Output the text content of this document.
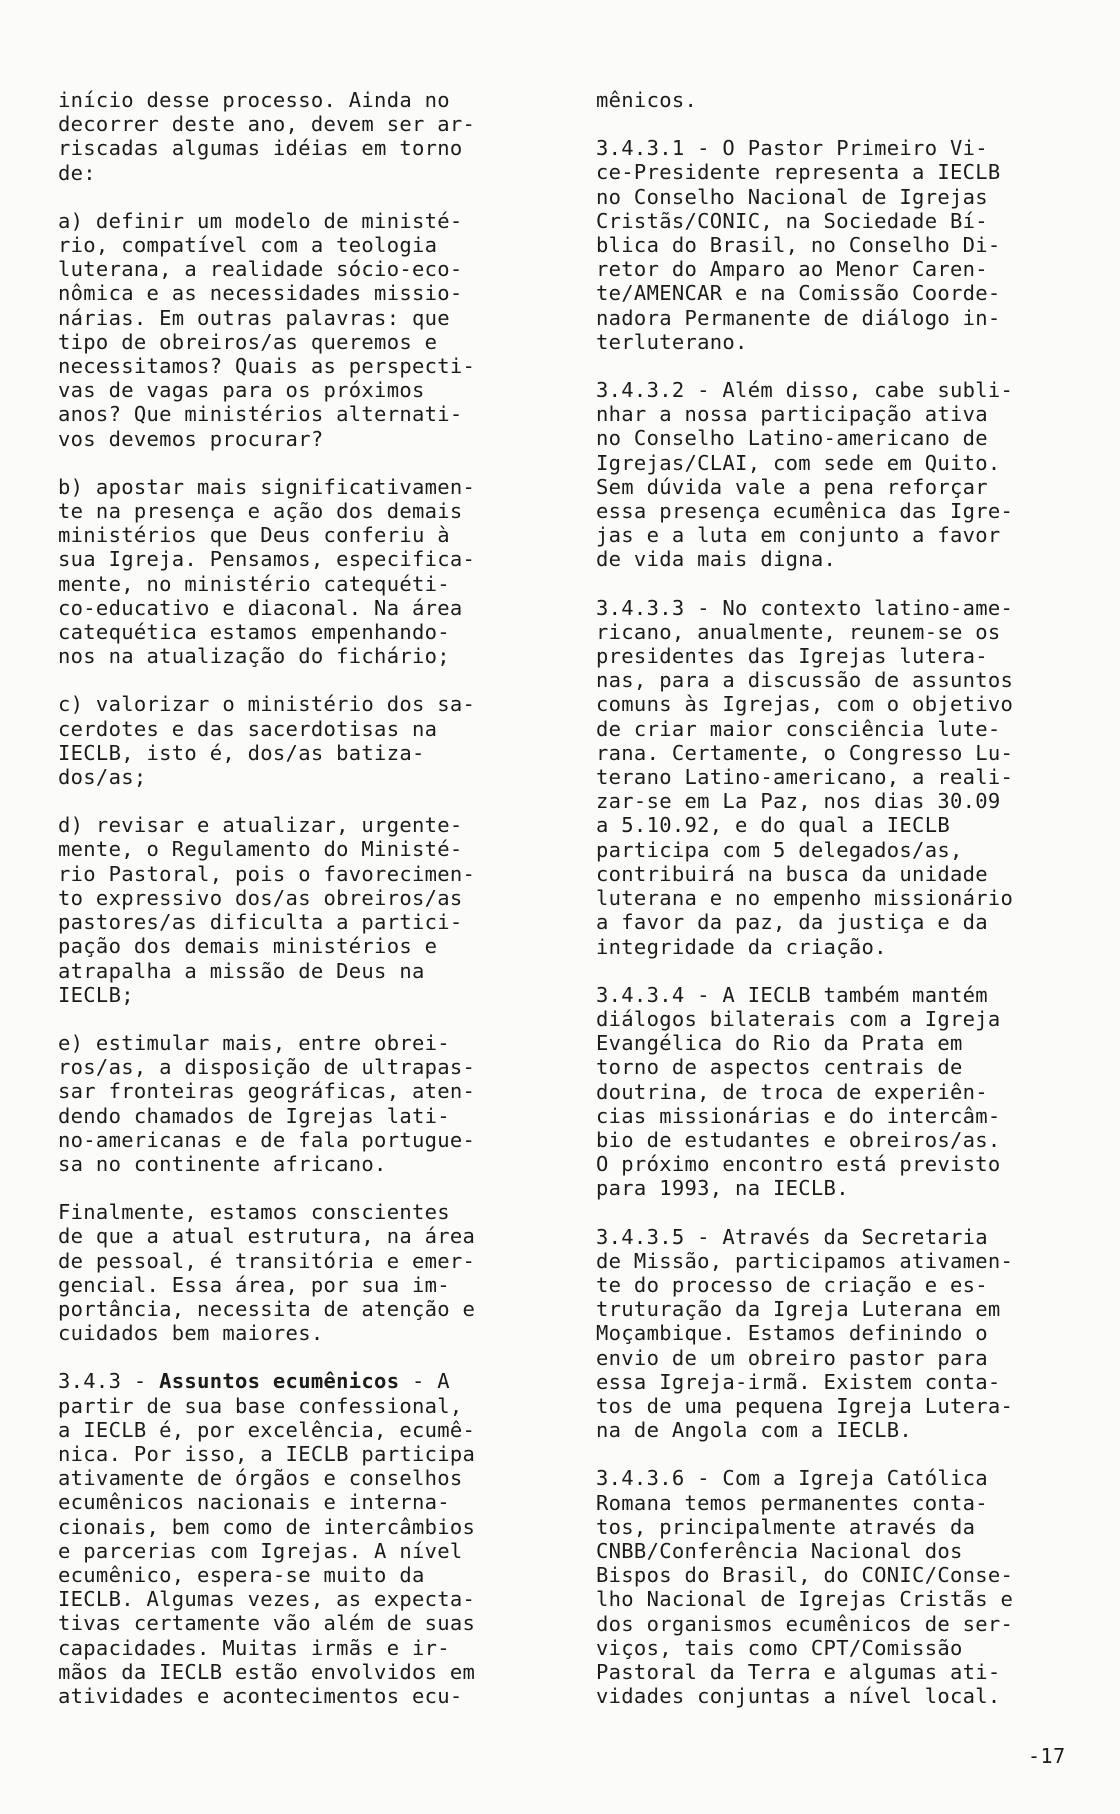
início desse processo. Ainda no
decorrer deste ano, devem ser ar-
riscadas algumas idéias em torno
de:

a) definir um modelo de ministé-
rio, compatível com a teologia
luterana, a realidade sócio-eco-
nômica e as necessidades missio-
nárias. Em outras palavras: que
tipo de obreiros/as queremos e
necessitamos? Quais as perspecti-
vas de vagas para os próximos
anos? Que ministérios alternati-
vos devemos procurar?

b) apostar mais significativamen-
te na presença e ação dos demais
ministérios que Deus conferiu à
sua Igreja. Pensamos, especifica-
mente, no ministério catequéti-
co-educativo e diaconal. Na área
catequética estamos empenhando-
nos na atualização do fichário;

c) valorizar o ministério dos sa-
cerdotes e das sacerdotisas na
IECLB, isto é, dos/as batiza-
dos/as;

d) revisar e atualizar, urgente-
mente, o Regulamento do Ministé-
rio Pastoral, pois o favorecimen-
to expressivo dos/as obreiros/as
pastores/as dificulta a partici-
pação dos demais ministérios e
atrapalha a missão de Deus na
IECLB;

e) estimular mais, entre obrei-
ros/as, a disposição de ultrapas-
sar fronteiras geográficas, aten-
dendo chamados de Igrejas lati-
no-americanas e de fala portugue-
sa no continente africano.

Finalmente, estamos conscientes
de que a atual estrutura, na área
de pessoal, é transitória e emer-
gencial. Essa área, por sua im-
portância, necessita de atenção e
cuidados bem maiores.

3.4.3 - Assuntos ecumênicos - A
partir de sua base confessional,
a IECLB é, por excelência, ecumê-
nica. Por isso, a IECLB participa
ativamente de órgãos e conselhos
ecumênicos nacionais e interna-
cionais, bem como de intercâmbios
e parcerias com Igrejas. A nível
ecumênico, espera-se muito da
IECLB. Algumas vezes, as expecta-
tivas certamente vão além de suas
capacidades. Muitas irmãs e ir-
mãos da IECLB estão envolvidos em
atividades e acontecimentos ecu-

mênicos.

3.4.3.1 - O Pastor Primeiro Vi-
ce-Presidente representa a IECLB
no Conselho Nacional de Igrejas
Cristãs/CONIC, na Sociedade Bí-
blica do Brasil, no Conselho Di-
retor do Amparo ao Menor Caren-
te/AMENCAR e na Comissão Coorde-
nadora Permanente de diálogo in-
terluterano.

3.4.3.2 - Além disso, cabe subli-
nhar a nossa participação ativa
no Conselho Latino-americano de
Igrejas/CLAI, com sede em Quito.
Sem dúvida vale a pena reforçar
essa presença ecumênica das Igre-
jas e a luta em conjunto a favor
de vida mais digna.

3.4.3.3 - No contexto latino-ame-
ricano, anualmente, reunem-se os
presidentes das Igrejas lutera-
nas, para a discussão de assuntos
comuns às Igrejas, com o objetivo
de criar maior consciência lute-
rana. Certamente, o Congresso Lu-
terano Latino-americano, a reali-
zar-se em La Paz, nos dias 30.09
a 5.10.92, e do qual a IECLB
participa com 5 delegados/as,
contribuirá na busca da unidade
luterana e no empenho missionário
a favor da paz, da justiça e da
integridade da criação.

3.4.3.4 - A IECLB também mantém
diálogos bilaterais com a Igreja
Evangélica do Rio da Prata em
torno de aspectos centrais de
doutrina, de troca de experiên-
cias missionárias e do intercâm-
bio de estudantes e obreiros/as.
O próximo encontro está previsto
para 1993, na IECLB.

3.4.3.5 - Através da Secretaria
de Missão, participamos ativamen-
te do processo de criação e es-
truturação da Igreja Luterana em
Moçambique. Estamos definindo o
envio de um obreiro pastor para
essa Igreja-irmã. Existem conta-
tos de uma pequena Igreja Lutera-
na de Angola com a IECLB.

3.4.3.6 - Com a Igreja Católica
Romana temos permanentes conta-
tos, principalmente através da
CNBB/Conferência Nacional dos
Bispos do Brasil, do CONIC/Conse-
lho Nacional de Igrejas Cristãs e
dos organismos ecumênicos de ser-
viços, tais como CPT/Comissão
Pastoral da Terra e algumas ati-
vidades conjuntas a nível local.

-17
